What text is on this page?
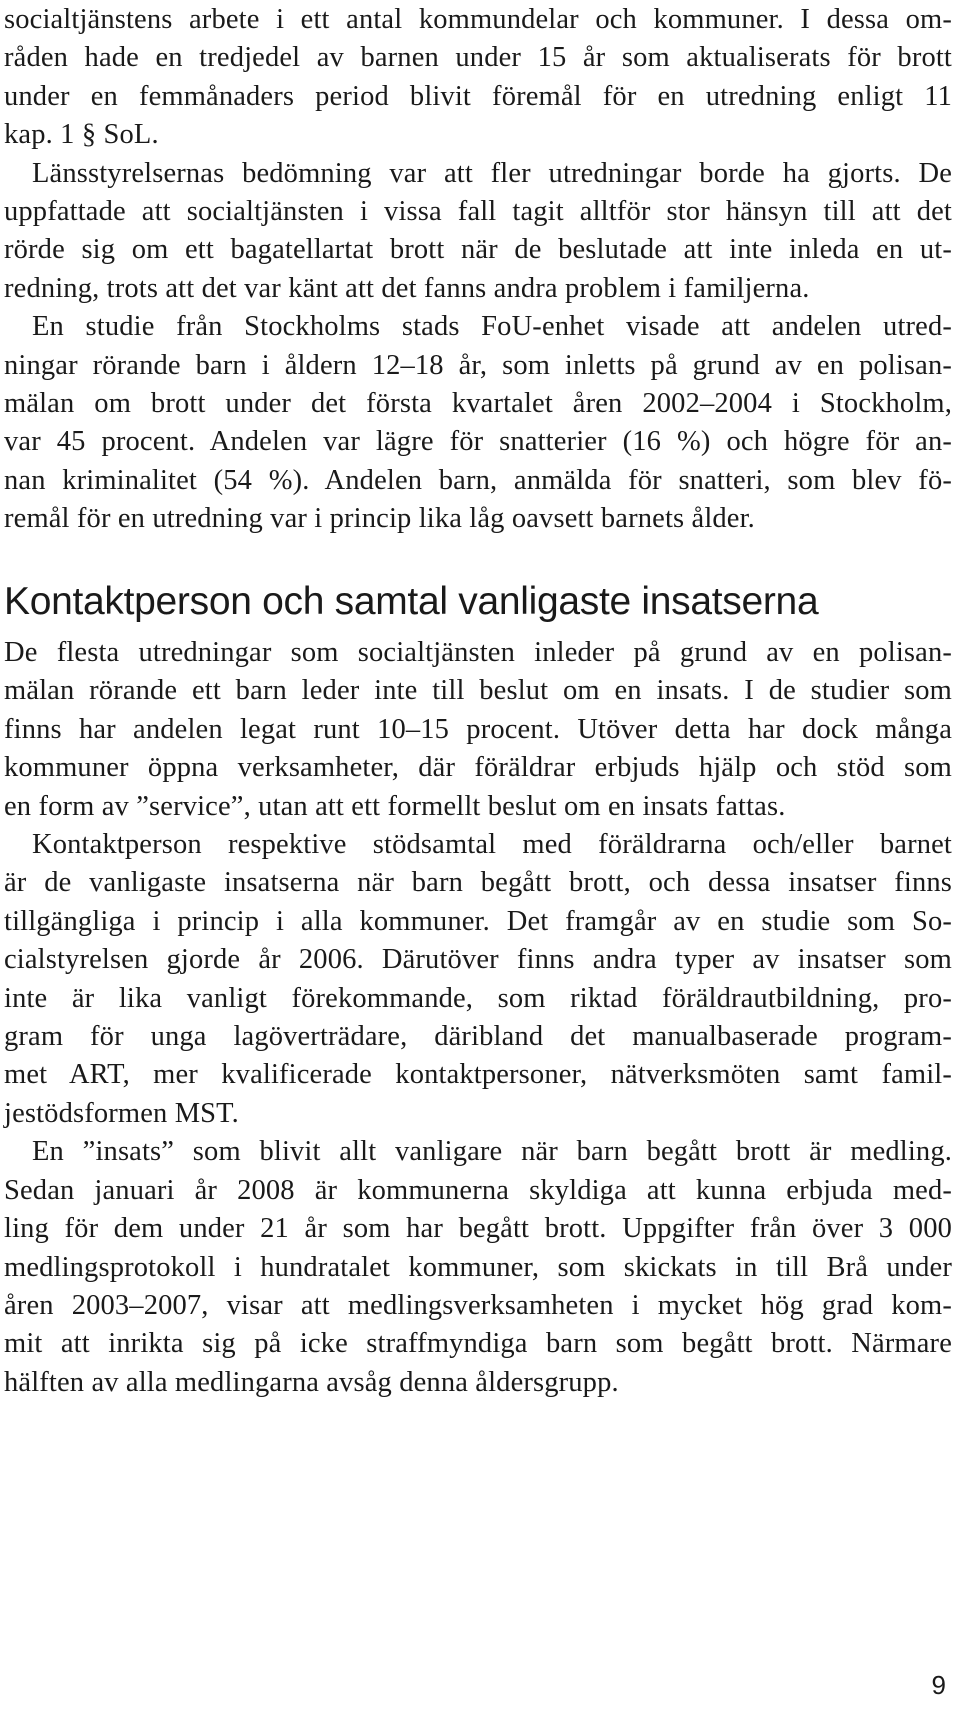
socialtjänstens arbete i ett antal kommundelar och kommuner. I dessa om-
råden hade en tredjedel av barnen under 15 år som aktualiserats för brott
under en femmånaders period blivit föremål för en utredning enligt 11
kap. 1 § SoL.
Länsstyrelsernas bedömning var att fler utredningar borde ha gjorts. De
uppfattade att socialtjänsten i vissa fall tagit alltför stor hänsyn till att det
rörde sig om ett bagatellartat brott när de beslutade att inte inleda en ut-
redning, trots att det var känt att det fanns andra problem i familjerna.
En studie från Stockholms stads FoU-enhet visade att andelen utred-
ningar rörande barn i åldern 12–18 år, som inletts på grund av en polisan-
mälan om brott under det första kvartalet åren 2002–2004 i Stockholm,
var 45 procent. Andelen var lägre för snatterier (16 %) och högre för an-
nan kriminalitet (54 %). Andelen barn, anmälda för snatteri, som blev fö-
remål för en utredning var i princip lika låg oavsett barnets ålder.
Kontaktperson och samtal vanligaste insatserna
De flesta utredningar som socialtjänsten inleder på grund av en polisan-
mälan rörande ett barn leder inte till beslut om en insats. I de studier som
finns har andelen legat runt 10–15 procent. Utöver detta har dock många
kommuner öppna verksamheter, där föräldrar erbjuds hjälp och stöd som
en form av ”service”, utan att ett formellt beslut om en insats fattas.
Kontaktperson respektive stödsamtal med föräldrarna och/eller barnet
är de vanligaste insatserna när barn begått brott, och dessa insatser finns
tillgängliga i princip i alla kommuner. Det framgår av en studie som So-
cialstyrelsen gjorde år 2006. Därutöver finns andra typer av insatser som
inte är lika vanligt förekommande, som riktad föräldrautbildning, pro-
gram för unga lagöverträdare, däribland det manualbaserade program-
met ART, mer kvalificerade kontaktpersoner, nätverksmöten samt famil-
jestödsformen MST.
En ”insats” som blivit allt vanligare när barn begått brott är medling.
Sedan januari år 2008 är kommunerna skyldiga att kunna erbjuda med-
ling för dem under 21 år som har begått brott. Uppgifter från över 3 000
medlingsprotokoll i hundratalet kommuner, som skickats in till Brå under
åren 2003–2007, visar att medlingsverksamheten i mycket hög grad kom-
mit att inrikta sig på icke straffmyndiga barn som begått brott. Närmare
hälften av alla medlingarna avsåg denna åldersgrupp.
9
